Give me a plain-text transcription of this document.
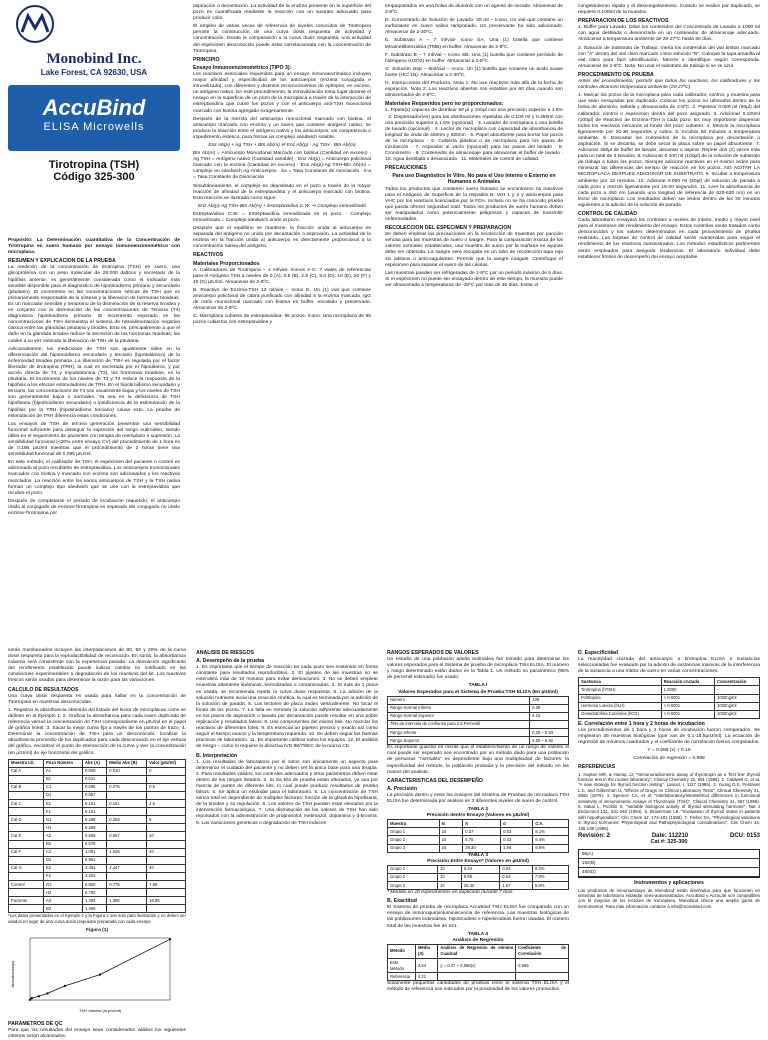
Monobind Inc.
Lake Forest, CA 92630, USA
AccuBind
ELISA Microwells
Tirotropina (TSH)
Código 325-300

Propósito: La Determinación cuantitativa de la Concentración de Tirotropina en suero humano por ensayo inmunoenzimométrico con microplaca.

RESUMEN Y EXPLICACION DE LA PRUEBA

La medición de la concentración de tirotropina (TSH) en suero, una glicoproteína con un peso molecular de 28.000 daltons y secretado de la hipófisis anterior, es generalmente considerada como el indicador más sensible disponible para el diagnóstico de hipotiroidismo primario y secundario (pituitario). El incremento en las concentraciones séricas de TSH que es primariamente responsable de la síntesis y la liberación de hormonas tiroideas. Es un marcador sensible y temprano de la disminución de la reserva tiroidea y en conjunto con la disminución de las concentraciones de Tiroxina (T4) diagnostica hipotiroidismo primario. El incremento esperado en las concentraciones de TSH demuestra el sistema de retroalimentación negativa clásica entre las glándulas pituitaria y tiroides. Esto es, principalmente a que el daño en la glándula tiroides reduce la secreción de las hormonas tiroideas, las cuales a su vez estimula la liberación de TSH de la pituitaria.

Adicionalmente, las mediciones de TSH son igualmente útiles en la diferenciación del hipotiroidismo secundario y terciario (hipotalámico) de la enfermedad tiroidea primaria. La liberación de TSH es regulada por el factor liberador de tirotropina (TRH), la cual es secretada por el hipotálamo, y por acción directa de T4 y triyodotironina (T3), las hormonas tiroideas, en la pituitaria. El incremento de los niveles de T3 y T4 reduce la respuesta de la hipófisis a los efectos estimuladores de TRH. En el hipotiroidismo secundario y terciario, las concentraciones de T4 son usualmente bajas y los niveles de TSH son generalmente bajos o normales. Ya sea en la deficiencia de TSH hipofisaria (hipotiroidismo secundario) o insuficiencia de la estimulación de la hipófisis por la TRH (hipotiroidismo terciario) causa esto. La prueba de estimulación de TRH diferencia estas condiciones.

Los ensayos de TSH de tercera generación presentan una sensibilidad funcional suficiente para distinguir la supresión del rango eutiroideo, siendo útiles en el seguimiento de pacientes con terapia de reemplazo o supresión. La sensibilidad funcional (<20% entre ensayo CV) del procedimiento de 1 hora es de 0.195 µIU/ml mientras que el procedimiento de 2 horas tiene una sensibilidad funcional de 0.095 µIU/ml.

En este método, el calibrador de TSH, el espécimen del paciente o control es adicionado al pozo recubierto de estreptavidina. Los anticuerpos monoclonales marcados con biotina y marcado con enzima son adicionados y los reactivos mezclados. La reacción entre los varios anticuerpos de TSH y la TSH nativa forman un complejo tipo sándwich que se une con la estreptavidina que recubre el pozo.

Después de completarse el periodo de incubación requerido, el anticuerpo unido al conjugado de enzima-Tirotropina es separado del conjugado no unido enzima-Tirotropina por

aspiración o decantación. La actividad de la enzima presente en la superficie del pozo es cuantificada mediante la reacción con un sustrato adecuado para producir color.

El empleo de varias veces de referencia de niveles conocidos de Tirotropina permite la construcción de una curva dosis respuesta de actividad y concentración. Desde la comparación a la curva dosis respuesta, una actividad del espécimen desconocido puede estar correlacionada con la concentración de Tirotropina.

PRINCIPIO
Ensayo Inmunoenzimométrico (TIPO 3):

Los reactivos esenciales requeridos para un ensayo inmunoenzimático incluyen mayor afinidad y especificidad de los anticuerpos (enzima conjugada e inmovilizada), con diferentes y distintos reconocimientos de epítopes, en exceso, un antígeno nativo. En este procedimiento, la inmovilización toma lugar durante el ensayo en la superficie de un pozo de la microplaca a través de la interacción de estreptavidina que cubre los pozos y con el anticuerpo anti-TSH monoclonal marcado con biotina agregado exógenamente.

Después de la mezcla del anticuerpo monoclonal marcado con biotina, el anticuerpo marcado con enzima y un suero que contiene antígeno nativo, se produce la reacción entre el antígeno nativo y los anticuerpos, sin competencia o impedimento estérico, para formar un complejo sándwich soluble.

Enz Ab(p) + Ag TSH + Btn Ab(m) ⇌ Enz Ab(p) - Ag TSH - Btn Ab(m)

Btn Ab(m) = Anticuerpo Monoclonal Marcado con biotina (Cantidad en exceso) · Ag TSH = Antígeno nativo (Cantidad variable) · Enz Ab(p) = Anticuerpo policlonal marcado con la enzima (Cantidad en exceso) · Enz Ab(p)-Ag TSH-Btn Ab(m) = complejo en sándwich Ag-Anticuerpos · ka = Tasa Constante de Asociación · k-a = Tasa Constante de Disociación

Simultáneamente, el complejo es depositado en el pozo a través de la mayor reacción de afinidad de la estreptavidina y el anticuerpo marcado con biotina. Esta reacción se ilustrada como sigue:

Enz Ab(p)-Ag TSH-Btn Ab(m) + Estreptavidina C.W. ⇒ Complejo inmovilizado

Estreptavidina C.W. = Estreptavidina inmovilizada en el pozo · Complejo Inmovilizado = Complejo sándwich unido al pozo.

Después que el equilibrio se mantiene, la fracción unida al anticuerpo es separada del antígeno no unido por decantación o aspiración. La actividad de la enzima en la fracción unida al anticuerpo es directamente proporcional a la concentración nativa del antígeno.

REACTIVOS
Materiales Proporcionados

A. Calibradores de Tirotropina – 1 ml/vial- Iconos A-G. 7 viales de referencias para el Antígeno TSH a niveles de 0 (A), 0.5 (B), 2.5 (C), 5.0 (D), 10 (E), 20 (F) y 40 (G) µIU/ml. Almacenar de 2-8ºC.

B. Reactivo de Enzima-TSH 13 ml/vial – Icono E. Un (1) vial que contiene anticuerpo policlonal de cabra purificado con afinidad a la enzima marcada, IgG de ratón monoclonal marcado con biotina en buffer, escalado y preservado. Almacenar de 2-8ºC.

C. Microplaca cubierta de estreptavidina- 96 pozos- Icono. Una microplaca de 96 pozos cubiertos con estreptavidina y

empaquetados en una bolsa de aluminio con un agente de secado. Almacenar de 2-8ºC.

D. Concentrado de Solución de Lavado- 20 ml – Icono. Un vial que contiene un surfactante en suero salino tamponado. Un preservante ha sido adicionado. Almacenar de 2-30ºC.

E. Substrato A – 7 ml/vial- Icono SA. Una (1) botella que contiene tetrametilbenzidina (TMB) en buffer. Almacenar de 2-8ºC.

F. Substrato B – 7 ml/vial – Icono SB. Una (1) botella que contiene peróxido de hidrógeno (H2O2) en buffer. Almacenar a 2-8ºC.

G. Solución stop – 8ml/vial – Icono. Un (1) botella que contiene un ácido suave fuerte (HCl 1N). Almacenar a 2-30ºC.

H. Instrucciones del Producto. Nota 1: No use reactivos más allá de la fecha de expiración. Nota 2: Los reactivos abiertos son estables por 60 días cuando son almacenados de 2-8ºC.

Materiales Requeridos pero no proporcionados:

1. Pipeta(s) capaces de distribuir 50 µl y 100µl con una precisión superior a 1.5% · 2. Dispensador(es) para las distribuciones repetidas de 0.100 ml y 0.350ml con una precisión superior a 1.5% (opcional) · 3. Lavador de microplaca o una botella de lavado (opcional) · 4. Lector de microplaca con capacidad de absorbancia de longitud de onda de 450nm y 620nm · 5. Papel absorbente para borrar los pozos de la microplaca · 6. Cubierta plástica o de microplaca para los pasos de incubación · 7. Aspirador al vacío (opcional) para los pasos del lavado · 8. Cronómetro · 9. Contenedor de almacenaje para almacenar el buffer de lavado · 10. Agua destilada o desionizada · 11. Materiales de control de calidad.

PRECAUCIONES
Para uso Diagnóstico In Vitro. No para el Uso Interno o Externo en Humanos o Animales

Todos los productos que contienen suero humano se encontraron no reactivos para el Antígeno de Superficie de la Hepatitis B, VIH 1 y 2 y anticuerpos para VHC por los reactivos licenciados por la FDA. Incluso no se ha conocido prueba que pueda ofrecer seguridad total. Todos los productos de suero humano deben ser manipulados como potencialmente peligrosos y capaces de transmitir enfermedades.

RECOLECCION DEL ESPECIMEN Y PREPARACION

Se deben emplear las precauciones en la recolección de muestras por punción venosa para las muestras de suero o sangre. Para la comparación exacta de los valores normales establecidos, una muestra de suero por la mañana en ayunas debe ser obtenida. La sangre será recogida en un tubo de recolección tapa roja sin aditivos o anticoagulantes. Permitir que la sangre coagule. Centrifugar el espécimen para separar el suero de las células.

Las muestras pueden ser refrigeradas de 2-8ºC por un periodo máximo de 5 días. Si el espécimen no puede ser ensayado dentro de este tiempo, la muestra puede ser almacenada a temperaturas de -20ºC por más de 30 días. Evitar el

congelamiento rápido y el descongelamiento. Cuando se realice por duplicado, se requiere 0.100ml de la muestra.

PREPARACION DE LOS REACTIVOS

1. Buffer para Lavado. Diluir los contenidos del Concentrado de Lavado a 1000 ml con agua destilada o desionizada en un contenedor de almacenaje adecuado. Almacenar a temperatura ambiente de 20-27ºC hasta 60 días.

2. Solución de Substrato de Trabajo. Vierta los contenidos del vial ámbar marcado con "A" dentro del vial claro marcado como solución "B". Coloque la tapa amarilla al vial claro para fácil identificación. Mezcle e identifique según corresponda. Almacenar de 2-8ºC. Nota: No usar el substrato de trabajo si se ve azul.

PROCEDIMIENTO DE PRUEBA

Antes del procedimiento, permitir que todos los reactivos, los calibradores y los controles alcancen temperatura ambiente (20-27ºC).

1. Marcar los pozos de la microplaca para cada calibrador, control, y muestra para que sean ensayadas por duplicado. Colocar los pozos no utilizados dentro de la bolsa de aluminio, sellarla y almacenarla de 2-8ºC. 2. Pipetear 0.050 ml (50µl) del calibrador, control o espécimen dentro del pozo asignado. 3. Adicionar 0.100ml (100µl) de Reactivo de Enzima-TSH a cada pozo. Es muy importante dispensar todos los reactivos cercanos al fondo del pozo cubierto. 4. Mezcle la microplaca ligeramente por 20-30 segundos y cubra. 5. Incubar 60 minutos a temperatura ambiente. 6. Descartar los contenidos de la microplaca por decantación o aspiración. Si se decanta, se debe secar la placa sobre un papel absorbente. 7. Adicionar 350µl de buffer de lavado, decantar o aspirar. Repetir dos (2) veces más para un total de 3 lavados. 8. Adicionar 0.100 ml (100µl) de la solución de substrato de trabajo a todos los pozos. Siempre adicione reactivos en el mismo orden para minimizar las diferencias del tiempo de reacción en los pozos. NO AGITAR LA MICROPLACA DESPUES ADICIONAR DE SUBSTRATO. 9. Incubar a temperatura ambiente por 15 minutos. 10. Adicione 0.050 ml (50µl) de solución de parada a cada pozo y mezcle ligeramente por 15-20 segundos. 11. Leer la absorbancia de cada pozo a 450 nm (usando una longitud de referencia de 620-630 nm) en un lector de microplaca. Los resultados deben ser leídos dentro de los 30 minutos siguientes a la adición de la solución de parada.

CONTROL DE CALIDAD

Cada laboratorio ensayará los controles a niveles de infarto, medio y mayor nivel para el monitoreo del rendimiento del ensayo. Estos controles serán tratados como desconocidos y los valores determinados en cada procedimiento de prueba realizado. Las tarjetas de control de calidad serán mantenidas para seguir el rendimiento de los reactivos suministrados. Los métodos estadísticos pertinentes serán empleados para asegurar tendencias. El laboratorio individual debe establecer límites de desempeño del ensayo aceptable.

serán monitoreados incluyen las interpolaciones de 80, 50 y 20% de la curva dosis respuesta para la reproductibilidad de reconocido. En suma, la absorbancia máxima será consistente con la experiencia pasada. La desviación significante del rendimiento establecido puede indicar cambio no notificado en las condiciones experimentales o degradación de los reactivos del kit. Los reactivos frescos serán usados para determinar la razón para las variaciones.

CALCULO DE RESULTADOS

Una curva dosis respuesta es usada para hallar en la concentración de Tirotropina en muestras desconocidas.

1. Registrar la absorbancia obtenida del listado del lector de microplacas como se definen en el Ejemplo 1. 2. Graficar la absorbancia para cada suero duplicado de referencia versus la concentración de TSH correspondiente en µIU/ml en el papel de gráfica lineal. 3. Sacar la mejor curva fija a través de los puntos de trazo. 4. Determinar la concentración de TSH para un desconocido, localizar la absorbancia promedio de los duplicados para cada desconocido en el eje vertical del gráfico, encontrar el punto de intersección de la curva y leer la concentración (en µIU/ml) de eje horizontal del gráfico.

Muestra I.D.	Pozo Número	Abs (A)	Media Abs (B)	Valor (µIU/ml)
Cal A	A1	0.009	0.010	0
	B1	0.011		
Cal B	C1	0.086	0.076	0.5
	D1	0.067		
Cal C	E1	0.151	0.151	2.5
	F1	0.151		
Cal D	G1	0.266	0.268	5
	H1	0.269		
Cal E	A2	0.555	0.567	10
	B2	0.579		
Cal F	C2	1.091	1.026	20
	D2	0.961		
Cal G	E2	2.491	2.447	40
	F2	2.403		
Control	G2	0.800	0.775	7.88
	H2	0.750		
Paciente	A3	1.384	1.395	16.85
	B3	1.406		

*Los datos presentados en el Ejemplo 1 y la Figura 1 son solo para ilustración y no deben ser usados en lugar de una curva dosis respuesta preparada con cada ensayo.

Figura (1)
Absorbancia(s)
TSH Valores (in µIU/ml)
PARAMETROS DE QC

Para que los resultados del ensayo sean considerados válidos los siguientes criterios serán alcanzados:

ANALISIS DE RIESGOS
A. Desempeño de la prueba

1. Es importante que el tiempo de reacción en cada pozo sea sostenido en forma constante para resultados reproducibles. 2. El pipeteo de las muestras no se extenderá más de 10 minutos para evitar derivaciones. 3. No se deben emplear muestras altamente lipémicas, hemolizadas o contaminadas. 4. Si más de 1 placa es usada, se recomienda repetir la curva dosis respuesta. 5. La adición de la solución nutriente inicia una reacción cinética, la cual es terminada por la adición de la solución de parada. 6. Los lectores de placa miden verticalmente. No tocar el fondo de los pozos. 7. La falla en remover la solución adherente adecuadamente en los pasos de aspiración o lavado por decantación puede resultar en una pobre replicación y resultados falsos. 8. Use componentes del mismo lote. No mezclar los reactivos de diferentes lotes. 9. Es esencial un pipeteo preciso y exacto así como seguir el tiempo exacto y la temperatura requerida. 10. Se deben seguir las buenas prácticas de laboratorio. 11. Es importante calibrar todos los equipos. 12. El análisis de riesgo – como lo requiere la directiva IVD 98/79/EC de la marca CE.

B. Interpretación

1. Los resultados de laboratorio por sí solos son únicamente un aspecto para determinar el cuidado del paciente y no deben ser la única base para una terapia. 2. Para resultados válidos, los controles adecuados y otros parámetros deben estar dentro de los rangos listados. 3. Si los kits de prueba están alterados, ya sea por mezcla de partes de diferente kits, lo cual puede producir resultados de prueba falsos. 4. Se aplica un estándar para el laboratorio. 5. La concentración de TSH sérica total es dependiente de múltiples factores: función de la glándula hipofisaria, de la tiroides y su regulación. 6. Los valores de TSH pueden estar elevados por la intervención farmacológica. 7. Una disminución de los valores de TSH han sido reportados con la administración de propranolol, metimazol, dopamina y d-tiroxina. 8. Las variaciones genéticas o degradación de TSH inducen

RANGOS ESPERADOS DE VALORES

Un estudio de una población adulta eutiroidea fue tomado para determinar los valores esperados para el Sistema de prueba de microplaca TSH ELISA. El número y rango determinado están dados en la Tabla 1. Un método no paramétrico (95% de percentil estimado) fue usado.

TABLA I
Valores Esperados para el Sistema de Prueba TSH ELISA (En µIU/ml)
Número	139
Rango Normal Inferior	0.39
Rango Normal Superior	6.16
75% de intervalo de confianza para 2.5 Percentil	
Rango Inferior	0.28 – 0.53
Rango Superior	5.60 – 6.92

Es importante guardar en mente que el establecimiento de un rango de valores el cual puede ser esperado sea encontrado por un método dado para una población de personas "normales" es dependiente bajo una multiplicidad de factores: la especificidad del método, la población probada y la precisión del método en las manos del analista.

CARACTERISTICAS DEL DESEMPEÑO
A. Precisión

La precisión dentro y entre los ensayos del Sistema de Pruebas de microplaca TSH ELISA fue determinada por análisis en 3 diferentes niveles de suero de control.

TABLA 2
Precisión dentro Ensayo (Valores en µIU/ml)
Muestra	N	X	σ	C.V.
Grupo 1	24	0.37	0.03	8.1%
Grupo 2	24	6.75	0.43	6.4%
Grupo 3	24	29.30	1.94	6.6%
TABLA 3
Precisión Entre Ensayo* (Valores en µIU/ml)
Grupo 1	10	0.43	0.04	9.3%
Grupo 2	10	6.80	0.54	7.9%
Grupo 3	10	28.40	1.67	5.9%

* Medido en 10 experimentos en duplicado durante 7 días.

B. Exactitud

El Sistema de prueba de microplaca AccuBind TSH ELISA fue comparado con un ensayo de inmunoquimioluminiscencia de referencia. Las muestras biológicas de las poblaciones eutiroideas, hipotiroideas e hipertiroideas fueron usadas. El número total de las muestras fue de 221.

TABLA 4
Análisis de Regresión
Método	Media (X)	Análisis de Regresión de mínimo Cuadrad	Coeficiente de Correlación
Este Método	4.54	y = 0.47 + 0.968(x)	0.995
Referencia	4.21		

Solamente pequeñas cantidades de pruebas entre el sistema TSH ELISA y el método de referencia son indicados por la proximidad de los valores promedios.

D. Especificidad

La reactividad cruzada del anticuerpo a tirotropina ELISA a sustancias seleccionadas fue evaluado por la adición de sustancias masivas de la interferencia de la sustancia a una matriz de suero en varias concentraciones.

Sustancia	Reacción cruzada	Concentración
Tirotropina (hTSH)	1.0000	-
Folitropina	< 0.0001	1000ng/ml
Hormona Luteiza (hLH)	< 0.0001	1000ng/ml
Gonadotrofina Coriónica (hCG)	< 0.0001	1000ng/ml
E. Correlación entre 1 hora y 2 horas de incubación

Los procedimientos de 1 hora y 2 horas de incubación fueron comparados. Se emplearon 35 muestras biológicas (que van de 0.1-18.5µIU/ml). La ecuación de regresión de mínimos cuadrados y el coeficiente de correlación fueron computados.

Y = 0.988 (x) + 0.19

Correlación de regresión = 0.998

REFERENCIAS

1. Hopton MR, & Harrap JJ, "Immunoradiometric assay of thyrotropin as a 'first line' thyroid function test in the routine laboratory", Clinical Chemistry 32, 691 (1986). 2. Caldwell G, et al, "A new strategy for thyroid function testing", Lancet, I, 1117 (1985). 3. Young D.S, Pestaner L.C, and Gilberman U, "Effects of Drugs on Clinical Laboratory Tests", Clinical Chemistry 21, 3660 (1975). 4. Spencer CA, et al, "Interlaboratory/interMethod differences in functional sensitivity of immunometric Assays of Thyrotropin (TSH)", Clinical Chemistry 41, 367 (1995). 5. Sakai L, Pocklin S, "Variable biological activity of thyroid stimulating hormone", Nat J Endocrinol 131, 331-348 (1994). 6. Braverman LE, "Evaluation of thyroid status in patients with hypothyroidism", Clin Chem 42, 174-181 (1996). 7. Fisher DA, "Physiological variations in thyroid hormones: Physiological and Pathophysiological considerations", Clin Chem 42, 135-139 (1996).

Revisión: 2	Date: 112210	DCU: 0153
Cat #: 325-300
96(A)
192(B)
480(D)
Instrumentos y aplicaciones

Los productos de inmunoensayo de Monobind están diseñados para que funcionen en sistemas de laboratorio estándar semi-automatizados. AccuBind y AccuLite son compatibles con la mayoría de los lectores de microplaca. Monobind ofrece una amplia gama de instrumentos. Para más información contacte a info@monobind.com.
